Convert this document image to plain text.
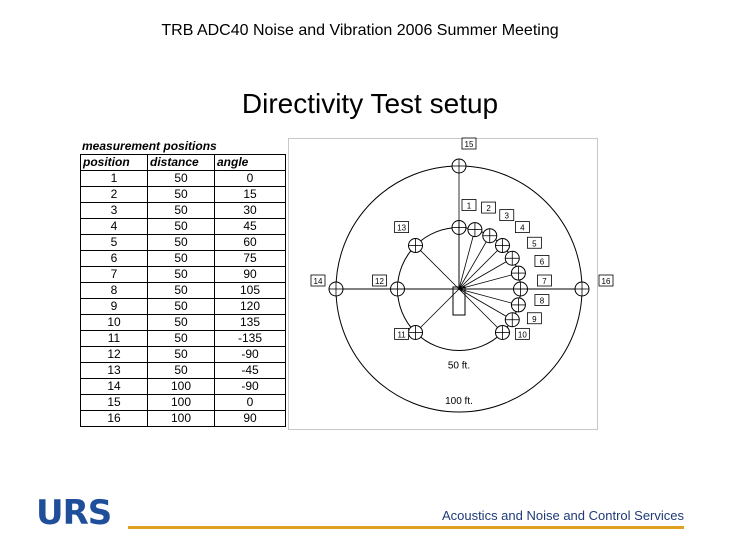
TRB ADC40 Noise and Vibration 2006 Summer Meeting
Directivity Test setup
measurement positions
position	distance	angle
1	50	0
2	50	15
3	50	30
4	50	45
5	50	60
6	50	75
7	50	90
8	50	105
9	50	120
10	50	135
11	50	-135
12	50	-90
13	50	-45
14	100	-90
15	100	0
16	100	90
1 2
3
4
5
6
7
8
9
10
11
12
13
14
15
16
50 ft.
100 ft.
URS	Acoustics and Noise and Control Services
